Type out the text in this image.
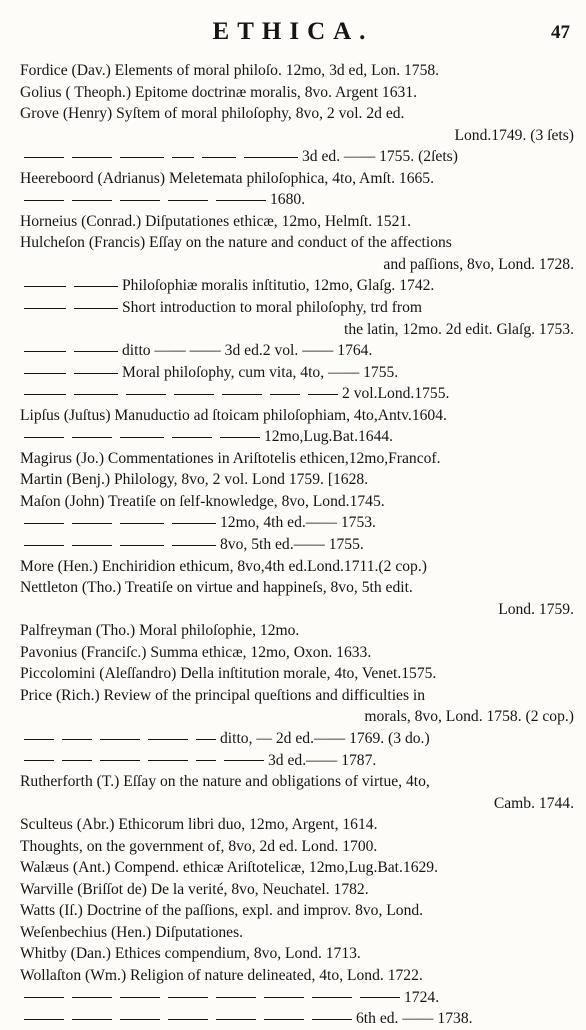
ETHICA.	47
Fordice (Dav.) Elements of moral philoſo. 12mo, 3d ed, Lon. 1758.
Golius ( Theoph.) Epitome doctrinæ moralis, 8vo. Argent 1631.
Grove (Henry) Syſtem of moral philoſophy, 8vo, 2 vol. 2d ed.
Lond.1749. (3 ſets)
3d ed. —— 1755. (2ſets)
Heereboord (Adrianus) Meletemata philoſophica, 4to, Amſt. 1665.
1680.
Horneius (Conrad.) Diſputationes ethicæ, 12mo, Helmſt. 1521.
Hulcheſon (Francis) Eſſay on the nature and conduct of the affections
and paſſions, 8vo, Lond. 1728.
Philoſophiæ moralis inſtitutio, 12mo, Glaſg. 1742.
Short introduction to moral philoſophy, trd from
the latin, 12mo. 2d edit. Glaſg. 1753.
ditto —— —— 3d ed.2 vol. —— 1764.
Moral philoſophy, cum vita, 4to, —— 1755.
2 vol.Lond.1755.
Lipſus (Juſtus) Manuductio ad ſtoicam philoſophiam, 4to,Antv.1604.
12mo,Lug.Bat.1644.
Magirus (Jo.) Commentationes in Ariſtotelis ethicen,12mo,Francof.
Martin (Benj.) Philology, 8vo, 2 vol. Lond 1759. [1628.
Maſon (John) Treatiſe on ſelf-knowledge, 8vo, Lond.1745.
12mo, 4th ed.—— 1753.
8vo, 5th ed.—— 1755.
More (Hen.) Enchiridion ethicum, 8vo,4th ed.Lond.1711.(2 cop.)
Nettleton (Tho.) Treatiſe on virtue and happineſs, 8vo, 5th edit.
Lond. 1759.
Palfreyman (Tho.) Moral philoſophie, 12mo.
Pavonius (Franciſc.) Summa ethicæ, 12mo, Oxon. 1633.
Piccolomini (Aleſſandro) Della inſtitution morale, 4to, Venet.1575.
Price (Rich.) Review of the principal queſtions and difficulties in
morals, 8vo, Lond. 1758. (2 cop.)
ditto, — 2d ed.—— 1769. (3 do.)
3d ed.—— 1787.
Rutherforth (T.) Eſſay on the nature and obligations of virtue, 4to,
Camb. 1744.
Sculteus (Abr.) Ethicorum libri duo, 12mo, Argent, 1614.
Thoughts, on the government of, 8vo, 2d ed. Lond. 1700.
Walæus (Ant.) Compend. ethicæ Ariſtotelicæ, 12mo,Lug.Bat.1629.
Warville (Briſſot de) De la verité, 8vo, Neuchatel. 1782.
Watts (Iſ.) Doctrine of the paſſions, expl. and improv. 8vo, Lond.
Weſenbechius (Hen.) Diſputationes.
Whitby (Dan.) Ethices compendium, 8vo, Lond. 1713.
Wollaſton (Wm.) Religion of nature delineated, 4to, Lond. 1722.
1724.
6th ed. —— 1738.
